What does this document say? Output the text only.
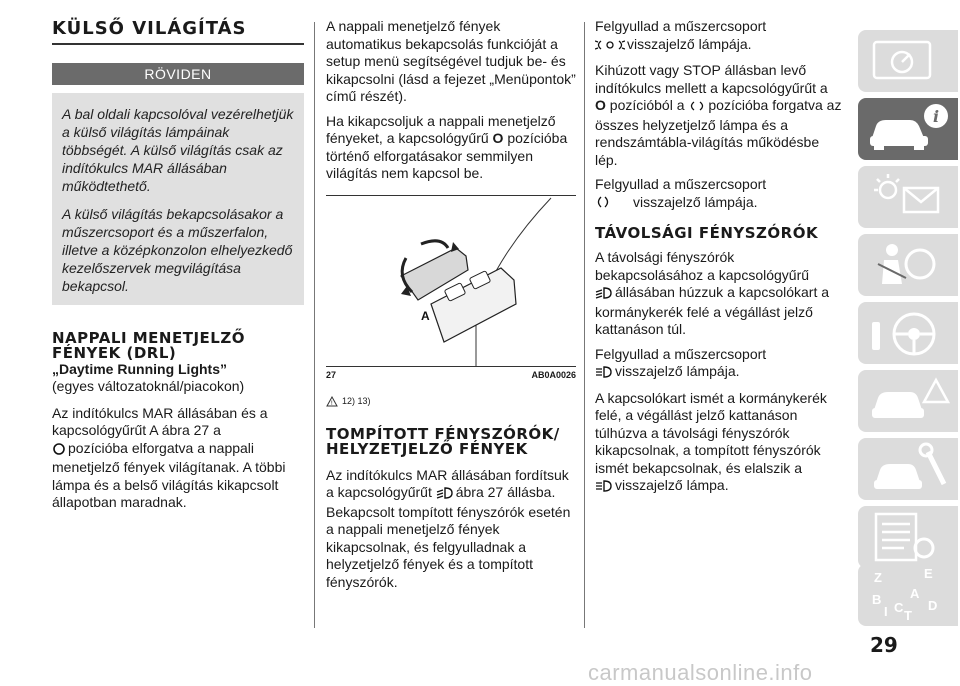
KÜLSŐ VILÁGÍTÁS
RÖVIDEN

A bal oldali kapcsolóval vezérelhetjük a külső világítás lámpáinak többségét. A külső világítás csak az indítókulcs MAR állásában működtethető.

A külső világítás bekapcsolásakor a műszercsoport és a műszerfalon, illetve a középkonzolon elhelyezkedő kezelőszervek megvilágítása bekapcsol.

NAPPALI MENETJELZŐ FÉNYEK (DRL)
„Daytime Running Lights”
(egyes változatoknál/piacokon)

Az indítókulcs MAR állásában és a kapcsológyűrűt A ábra 27 a
pozícióba elforgatva a nappali menetjelző fények világítanak. A többi lámpa és a belső világítás kikapcsolt állapotban maradnak.

A nappali menetjelző fények automatikus bekapcsolás funkcióját a setup menü segítségével tudjuk be- és kikapcsolni (lásd a fejezet „Menüpontok” című részét).

Ha kikapcsoljuk a nappali menetjelző fényeket, a kapcsológyűrű O pozícióba történő elforgatásakor semmilyen világítás nem kapcsol be.

A
27	AB0A0026
! 12) 13)
TOMPÍTOTT FÉNYSZÓRÓK/ HELYZETJELZŐ FÉNYEK

Az indítókulcs MAR állásában fordítsuk a kapcsológyűrűt ábra 27 állásba. Bekapcsolt tompított fényszórók esetén a nappali menetjelző fények kikapcsolnak, és felgyulladnak a helyzetjelző fények és a tompított fényszórók.

Felgyullad a műszercsoport
visszajelző lámpája.

Kihúzott vagy STOP állásban levő indítókulcs mellett a kapcsológyűrűt a
O pozícióból a pozícióba forgatva az összes helyzetjelző lámpa és a rendszámtábla-világítás működésbe lép.

Felgyullad a műszercsoport
visszajelző lámpája.

TÁVOLSÁGI FÉNYSZÓRÓK

A távolsági fényszórók bekapcsolásához a kapcsológyűrű
állásában húzzuk a kapcsolókart a kormánykerék felé a végállást jelző kattanáson túl.

Felgyullad a műszercsoport
visszajelző lámpája.

A kapcsolókart ismét a kormánykerék felé, a végállást jelző kattanáson túlhúzva a távolsági fényszórók kikapcsolnak, a tompított fényszórók ismét bekapcsolnak, és elalszik a
visszajelző lámpa.

i
Z	E
B A
I C
T
D
29
carmanualsonline.info
